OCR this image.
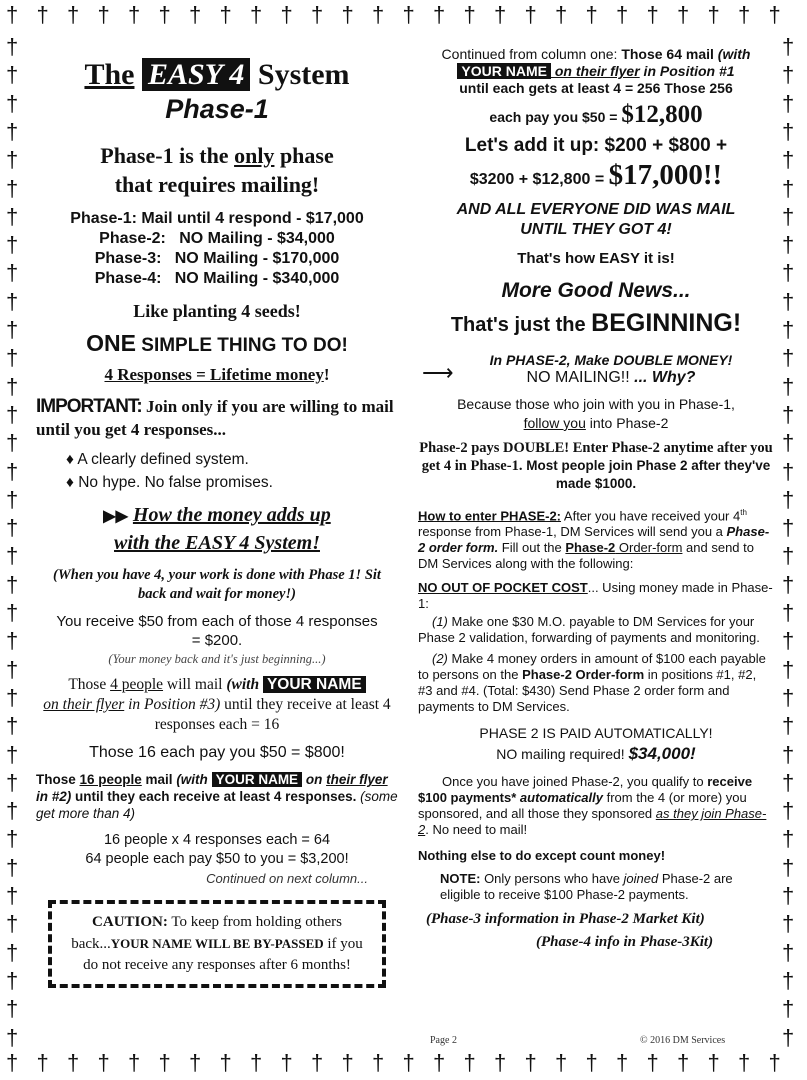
†
†
†
†
†
†
†
†
†
†
†
†
†
†
†
†
†
†
†
†
†
†
†
†
†
†
†
†
†
†
†
†
†
†
†
†
†
†
†
†
†
†
†
†
†
†
†
†
†
†
†
†
†	†
†	†
†	†
†	†
†	†
†	†
†	†
†	†
†	†
†	†
†	†
†	†
†	†
†	†
†	†
†	†
†	†
†	†
†	†
†	†
†	†
†	†
†	†
†	†
†	†
†	†
†	†
†	†
†	†
†	†
†	†
†	†
†	†
†	†
†	†
†	†
The EASY 4 System
Phase-1
Phase-1 is the only phase
that requires mailing!
Phase-1: Mail until 4 respond - $17,000
Phase-2:   NO Mailing - $34,000
Phase-3:   NO Mailing - $170,000
Phase-4:   NO Mailing - $340,000
Like planting 4 seeds!
ONE SIMPLE THING TO DO!
4 Responses = Lifetime money!
IMPORTANT: Join only if you are willing to mail until you get 4 responses...
♦ A clearly defined system.
♦ No hype. No false promises.
▶▶ How the money adds up
with the EASY 4 System!
(When you have 4, your work is done with Phase 1! Sit back and wait for money!)
You receive $50 from each of those 4 responses = $200.
(Your money back and it's just beginning...)
Those 4 people will mail (with YOUR NAME
on their flyer in Position #3) until they receive at least 4 responses each = 16
Those 16 each pay you $50 = $800!
Those 16 people mail (with YOUR NAME on their flyer in #2) until they each receive at least 4 responses. (some get more than 4)
16 people x 4 responses each = 64
64 people each pay $50 to you = $3,200!
Continued on next column...
CAUTION: To keep from holding others back...YOUR NAME WILL BE BY-PASSED if you do not receive any responses after 6 months!
Continued from column one: Those 64 mail (with
YOUR NAME on their flyer in Position #1
until each gets at least 4 = 256 Those 256
each pay you $50 = $12,800
Let's add it up: $200 + $800 +
$3200 + $12,800 = $17,000!!
AND ALL EVERYONE DID WAS MAIL
UNTIL THEY GOT 4!
That's how EASY it is!
More Good News...
That's just the BEGINNING!
In PHASE-2, Make DOUBLE MONEY!
⟶	NO MAILING!! ... Why?
Because those who join with you in Phase-1, follow you into Phase-2
Phase-2 pays DOUBLE! Enter Phase-2 anytime after you get 4 in Phase-1. Most people join Phase 2 after they've made $1000.
How to enter PHASE-2: After you have received your 4th response from Phase-1, DM Services will send you a Phase-2 order form. Fill out the Phase-2 Order-form and send to DM Services along with the following:
NO OUT OF POCKET COST... Using money made in Phase-1:
(1) Make one $30 M.O. payable to DM Services for your Phase 2 validation, forwarding of payments and monitoring.
(2) Make 4 money orders in amount of $100 each payable to persons on the Phase-2 Order-form in positions #1, #2, #3 and #4. (Total: $430) Send Phase 2 order form and payments to DM Services.
PHASE 2 IS PAID AUTOMATICALLY!
NO mailing required! $34,000!
Once you have joined Phase-2, you qualify to receive $100 payments* automatically from the 4 (or more) you sponsored, and all those they sponsored as they join Phase-2. No need to mail!
Nothing else to do except count money!
NOTE: Only persons who have joined Phase-2 are eligible to receive $100 Phase-2 payments.
(Phase-3 information in Phase-2 Market Kit)
(Phase-4 info in Phase-3Kit)
Page 2	© 2016 DM Services
